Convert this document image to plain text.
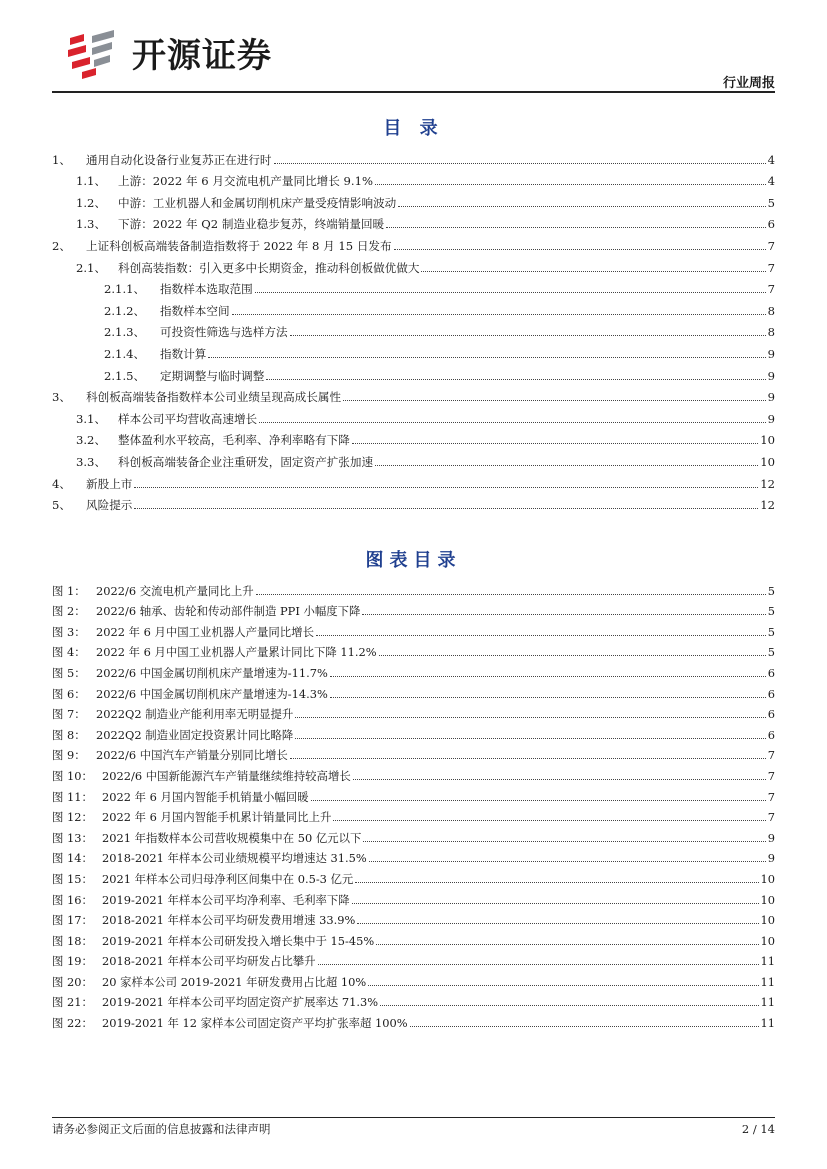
开源证券
行业周报
目 录
1、	通用自动化设备行业复苏正在进行时	4
1.1、	上游：2022 年 6 月交流电机产量同比增长 9.1%	4
1.2、	中游：工业机器人和金属切削机床产量受疫情影响波动	5
1.3、	下游：2022 年 Q2 制造业稳步复苏，终端销量回暖	6
2、	上证科创板高端装备制造指数将于 2022 年 8 月 15 日发布	7
2.1、	科创高装指数：引入更多中长期资金，推动科创板做优做大	7
2.1.1、	指数样本选取范围	7
2.1.2、	指数样本空间	8
2.1.3、	可投资性筛选与选样方法	8
2.1.4、	指数计算	9
2.1.5、	定期调整与临时调整	9
3、	科创板高端装备指数样本公司业绩呈现高成长属性	9
3.1、	样本公司平均营收高速增长	9
3.2、	整体盈利水平较高，毛利率、净利率略有下降	10
3.3、	科创板高端装备企业注重研发，固定资产扩张加速	10
4、	新股上市	12
5、	风险提示	12
图表目录
图 1： 2022/6 交流电机产量同比上升	5
图 2： 2022/6 轴承、齿轮和传动部件制造 PPI 小幅度下降	5
图 3： 2022 年 6 月中国工业机器人产量同比增长	5
图 4： 2022 年 6 月中国工业机器人产量累计同比下降 11.2%	5
图 5： 2022/6 中国金属切削机床产量增速为-11.7%	6
图 6： 2022/6 中国金属切削机床产量增速为-14.3%	6
图 7： 2022Q2 制造业产能利用率无明显提升	6
图 8： 2022Q2 制造业固定投资累计同比略降	6
图 9： 2022/6 中国汽车产销量分别同比增长	7
图 10： 2022/6 中国新能源汽车产销量继续维持较高增长	7
图 11： 2022 年 6 月国内智能手机销量小幅回暖	7
图 12： 2022 年 6 月国内智能手机累计销量同比上升	7
图 13： 2021 年指数样本公司营收规模集中在 50 亿元以下	9
图 14： 2018-2021 年样本公司业绩规模平均增速达 31.5%	9
图 15： 2021 年样本公司归母净利区间集中在 0.5-3 亿元	10
图 16： 2019-2021 年样本公司平均净利率、毛利率下降	10
图 17： 2018-2021 年样本公司平均研发费用增速 33.9%	10
图 18： 2019-2021 年样本公司研发投入增长集中于 15-45%	10
图 19： 2018-2021 年样本公司平均研发占比攀升	11
图 20： 20 家样本公司 2019-2021 年研发费用占比超 10%	11
图 21： 2019-2021 年样本公司平均固定资产扩展率达 71.3%	11
图 22： 2019-2021 年 12 家样本公司固定资产平均扩张率超 100%	11
请务必参阅正文后面的信息披露和法律声明	2 / 14
